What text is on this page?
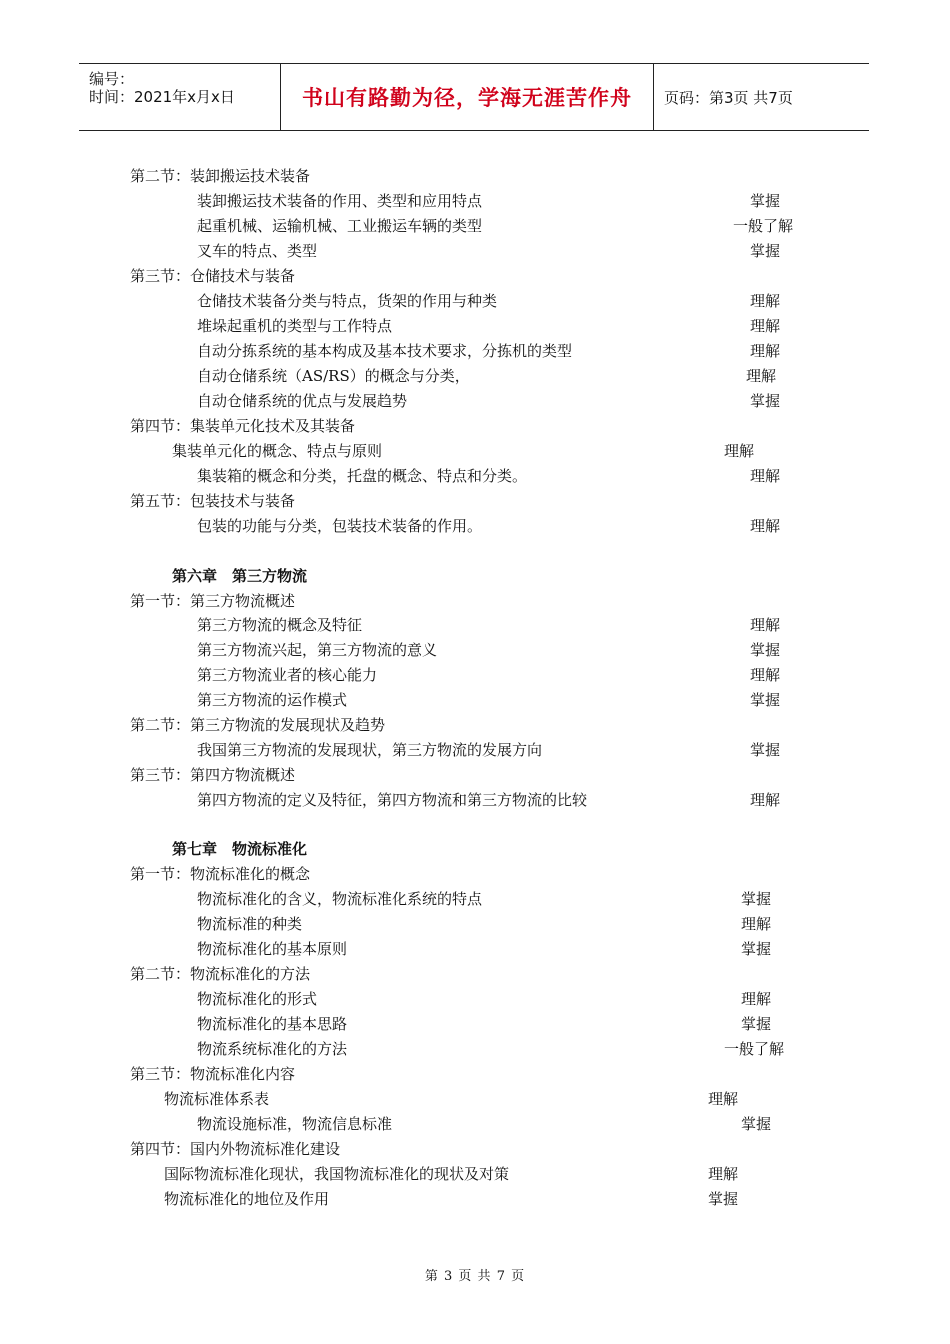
编号：
时间：2021年x月x日	书山有路勤为径，学海无涯苦作舟 页码：第3页 共7页
第二节：装卸搬运技术装备
装卸搬运技术装备的作用、类型和应用特点	掌握
起重机械、运输机械、工业搬运车辆的类型	一般了解
叉车的特点、类型	掌握
第三节：仓储技术与装备
仓储技术装备分类与特点，货架的作用与种类	理解
堆垛起重机的类型与工作特点	理解
自动分拣系统的基本构成及基本技术要求，分拣机的类型	理解
自动仓储系统（AS/RS）的概念与分类，	理解
自动仓储系统的优点与发展趋势	掌握
第四节：集装单元化技术及其装备
集装单元化的概念、特点与原则	理解
集装箱的概念和分类，托盘的概念、特点和分类。	理解
第五节：包装技术与装备
包装的功能与分类，包装技术装备的作用。	理解
第六章　第三方物流
第一节：第三方物流概述
第三方物流的概念及特征	理解
第三方物流兴起，第三方物流的意义	掌握
第三方物流业者的核心能力	理解
第三方物流的运作模式	掌握
第二节：第三方物流的发展现状及趋势
我国第三方物流的发展现状，第三方物流的发展方向	掌握
第三节：第四方物流概述
第四方物流的定义及特征，第四方物流和第三方物流的比较	理解
第七章　物流标准化
第一节：物流标准化的概念
物流标准化的含义，物流标准化系统的特点	掌握
物流标准的种类	理解
物流标准化的基本原则	掌握
第二节：物流标准化的方法
物流标准化的形式	理解
物流标准化的基本思路	掌握
物流系统标准化的方法	一般了解
第三节：物流标准化内容
物流标准体系表	理解
物流设施标准，物流信息标准	掌握
第四节：国内外物流标准化建设
国际物流标准化现状，我国物流标准化的现状及对策	理解
物流标准化的地位及作用	掌握
第 3 页 共 7 页
